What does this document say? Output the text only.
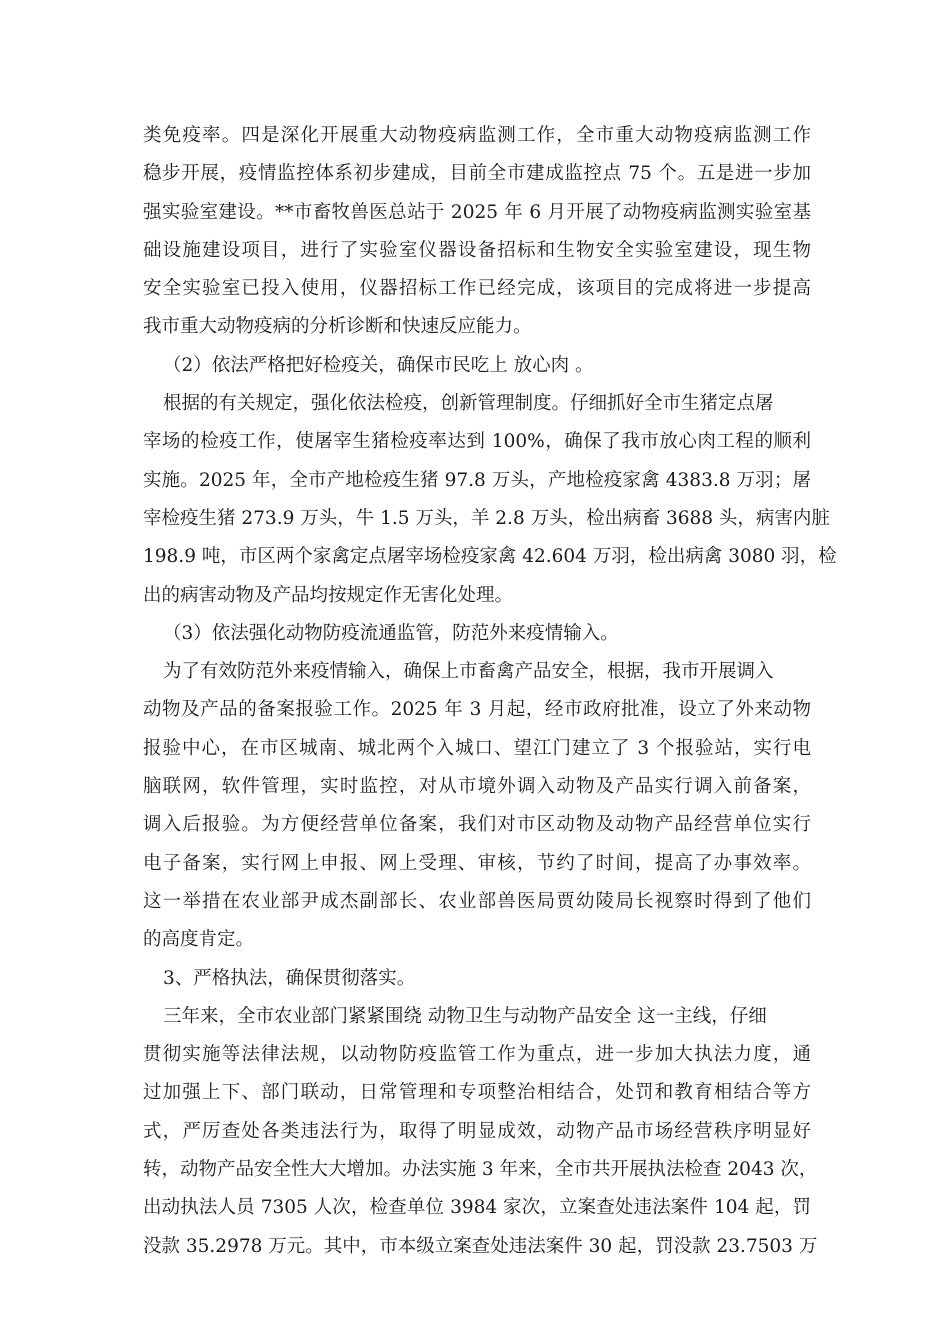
类免疫率。四是深化开展重大动物疫病监测工作，全市重大动物疫病监测工作
稳步开展，疫情监控体系初步建成，目前全市建成监控点 75 个。五是进一步加
强实验室建设。**市畜牧兽医总站于 2025 年 6 月开展了动物疫病监测实验室基
础设施建设项目，进行了实验室仪器设备招标和生物安全实验室建设，现生物
安全实验室已投入使用，仪器招标工作已经完成，该项目的完成将进一步提高
我市重大动物疫病的分析诊断和快速反应能力。
（2）依法严格把好检疫关，确保市民吃上 放心肉 。
根据的有关规定，强化依法检疫，创新管理制度。仔细抓好全市生猪定点屠
宰场的检疫工作，使屠宰生猪检疫率达到 100%，确保了我市放心肉工程的顺利
实施。2025 年，全市产地检疫生猪 97.8 万头，产地检疫家禽 4383.8 万羽；屠
宰检疫生猪 273.9 万头，牛 1.5 万头，羊 2.8 万头，检出病畜 3688 头，病害内脏
198.9 吨，市区两个家禽定点屠宰场检疫家禽 42.604 万羽，检出病禽 3080 羽，检
出的病害动物及产品均按规定作无害化处理。
（3）依法强化动物防疫流通监管，防范外来疫情输入。
为了有效防范外来疫情输入，确保上市畜禽产品安全，根据，我市开展调入
动物及产品的备案报验工作。2025 年 3 月起，经市政府批准，设立了外来动物
报验中心，在市区城南、城北两个入城口、望江门建立了 3 个报验站，实行电
脑联网，软件管理，实时监控，对从市境外调入动物及产品实行调入前备案，
调入后报验。为方便经营单位备案，我们对市区动物及动物产品经营单位实行
电子备案，实行网上申报、网上受理、审核，节约了时间，提高了办事效率。
这一举措在农业部尹成杰副部长、农业部兽医局贾幼陵局长视察时得到了他们
的高度肯定。
3、严格执法，确保贯彻落实。
三年来，全市农业部门紧紧围绕 动物卫生与动物产品安全 这一主线，仔细
贯彻实施等法律法规，以动物防疫监管工作为重点，进一步加大执法力度，通
过加强上下、部门联动，日常管理和专项整治相结合，处罚和教育相结合等方
式，严厉查处各类违法行为，取得了明显成效，动物产品市场经营秩序明显好
转，动物产品安全性大大增加。办法实施 3 年来，全市共开展执法检查 2043 次，
出动执法人员 7305 人次，检查单位 3984 家次，立案查处违法案件 104 起，罚
没款 35.2978 万元。其中，市本级立案查处违法案件 30 起，罚没款 23.7503 万
